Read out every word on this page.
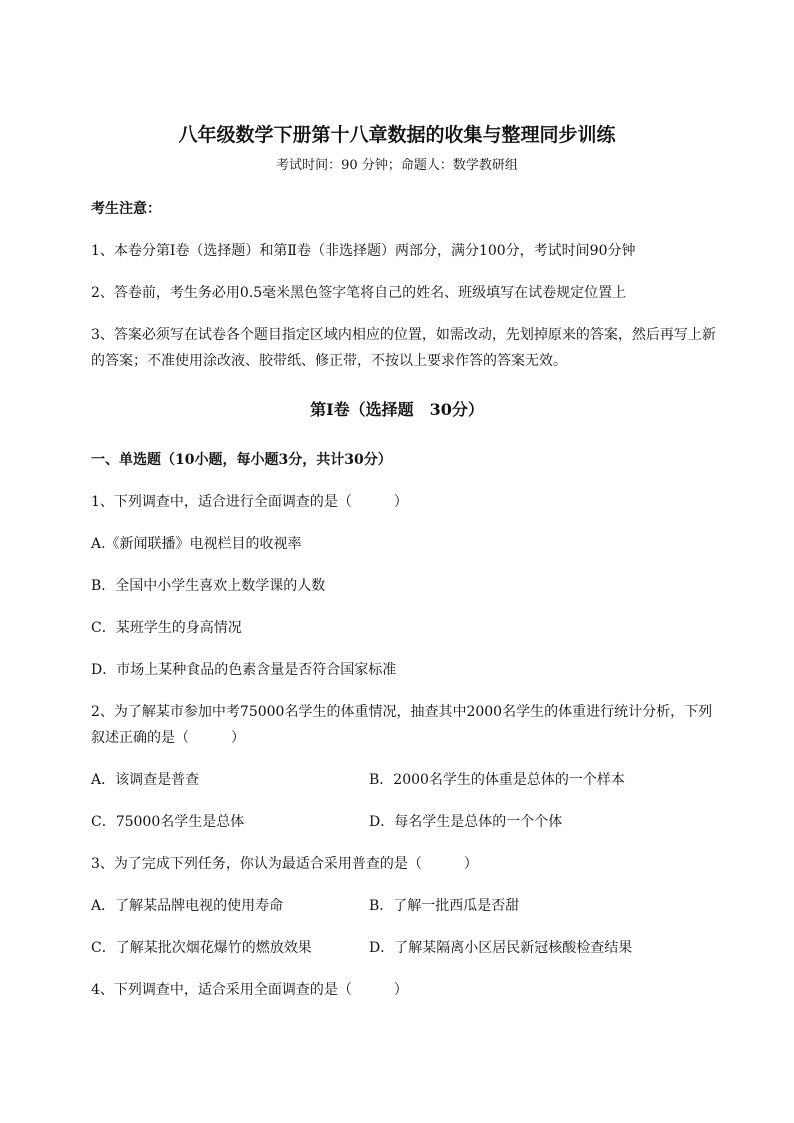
八年级数学下册第十八章数据的收集与整理同步训练
考试时间：90 分钟；命题人：数学教研组
考生注意：
1、本卷分第I卷（选择题）和第Ⅱ卷（非选择题）两部分，满分100分，考试时间90分钟
2、答卷前，考生务必用0.5毫米黑色签字笔将自己的姓名、班级填写在试卷规定位置上
3、答案必须写在试卷各个题目指定区域内相应的位置，如需改动，先划掉原来的答案，然后再写上新
的答案；不准使用涂改液、胶带纸、修正带，不按以上要求作答的答案无效。
第I卷（选择题　30分）
一、单选题（10小题，每小题3分，共计30分）
1、下列调查中，适合进行全面调查的是（　　　）
A.《新闻联播》电视栏目的收视率
B．全国中小学生喜欢上数学课的人数
C．某班学生的身高情况
D．市场上某种食品的色素含量是否符合国家标准
2、为了解某市参加中考75000名学生的体重情况，抽查其中2000名学生的体重进行统计分析，下列
叙述正确的是（　　　）
A．该调查是普查	B．2000名学生的体重是总体的一个样本
C．75000名学生是总体	D．每名学生是总体的一个个体
3、为了完成下列任务，你认为最适合采用普查的是（　　　）
A．了解某品牌电视的使用寿命	B．了解一批西瓜是否甜
C．了解某批次烟花爆竹的燃放效果	D．了解某隔离小区居民新冠核酸检查结果
4、下列调查中，适合采用全面调查的是（　　　）
